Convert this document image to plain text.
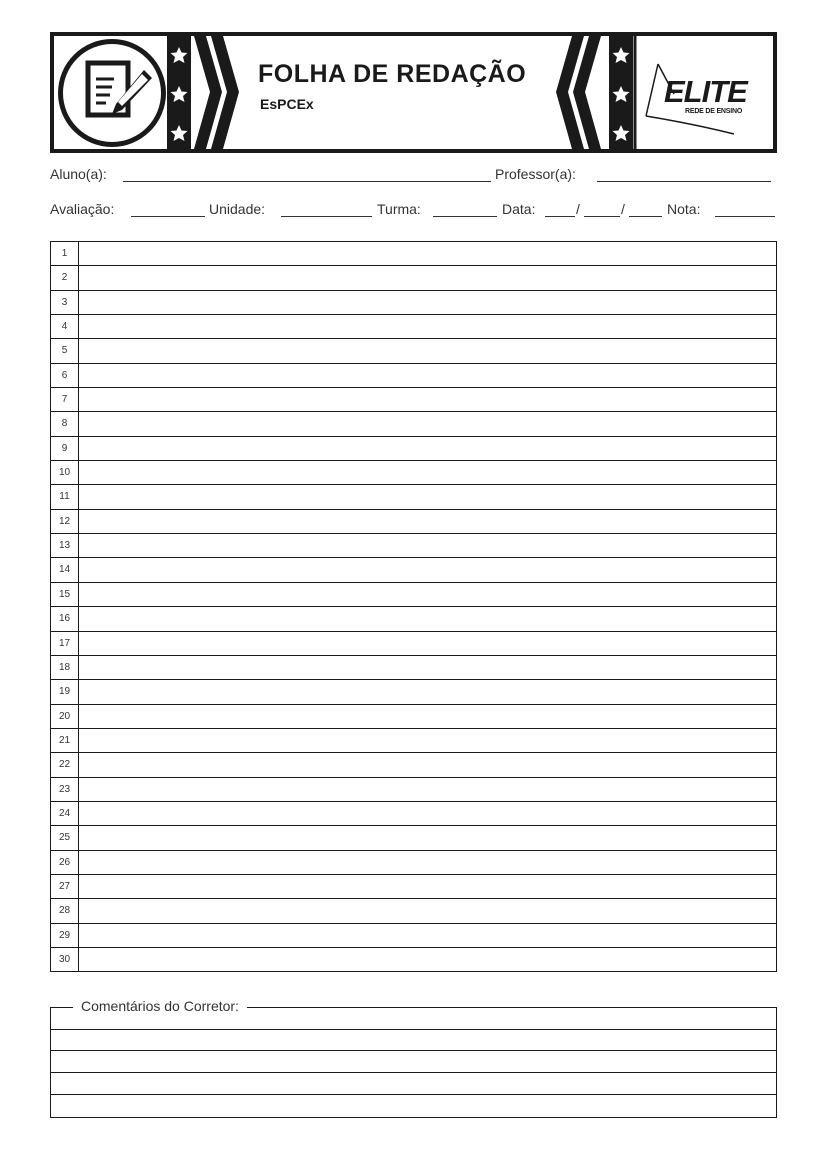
FOLHA DE REDAÇÃO
EsPCEx	ELITE
REDE DE ENSINO
Aluno(a):	Professor(a):
Avaliação:	Unidade:	Turma:	Data:	/	/	Nota:
1
2
3
4
5
6
7
8
9
10
11
12
13
14
15
16
17
18
19
20
21
22
23
24
25
26
27
28
29
30
Comentários do Corretor:
